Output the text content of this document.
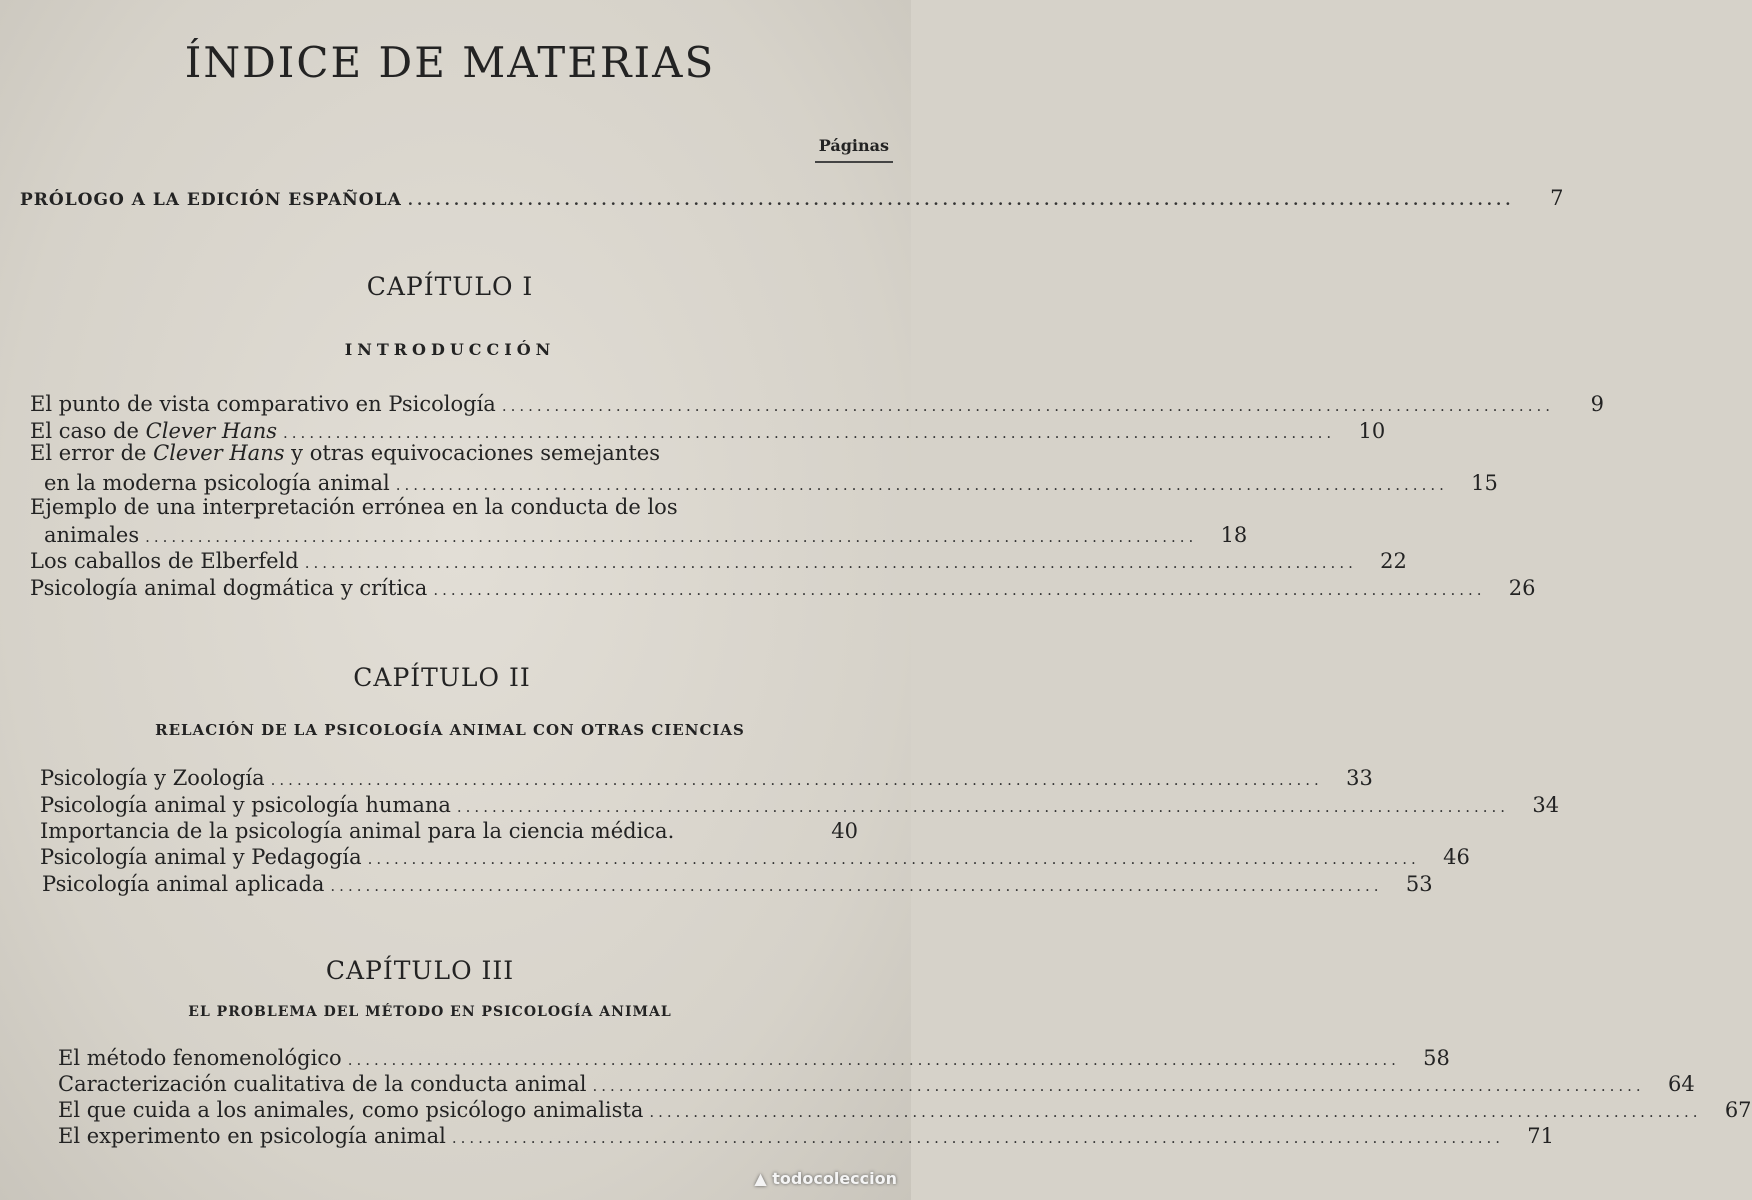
ÍNDICE DE MATERIAS
Páginas
PRÓLOGO A LA EDICIÓN ESPAÑOLA ........................................................................................................................	7
CAPÍTULO I
INTRODUCCIÓN
El punto de vista comparativo en Psicología ........................................................................................................................	9
El caso de Clever Hans ........................................................................................................................	10
El error de Clever Hans y otras equivocaciones semejantes
en la moderna psicología animal ........................................................................................................................	15
Ejemplo de una interpretación errónea en la conducta de los
animales ........................................................................................................................	18
Los caballos de Elberfeld ........................................................................................................................	22
Psicología animal dogmática y crítica ........................................................................................................................	26
CAPÍTULO II
RELACIÓN DE LA PSICOLOGÍA ANIMAL CON OTRAS CIENCIAS
Psicología y Zoología ........................................................................................................................	33
Psicología animal y psicología humana ........................................................................................................................	34
Importancia de la psicología animal para la ciencia médica.	40
Psicología animal y Pedagogía ........................................................................................................................	46
Psicología animal aplicada ........................................................................................................................	53
CAPÍTULO III
EL PROBLEMA DEL MÉTODO EN PSICOLOGÍA ANIMAL
El método fenomenológico ........................................................................................................................	58
Caracterización cualitativa de la conducta animal ........................................................................................................................	64
El que cuida a los animales, como psicólogo animalista ........................................................................................................................	67
El experimento en psicología animal ........................................................................................................................	71
▲ todocoleccion
